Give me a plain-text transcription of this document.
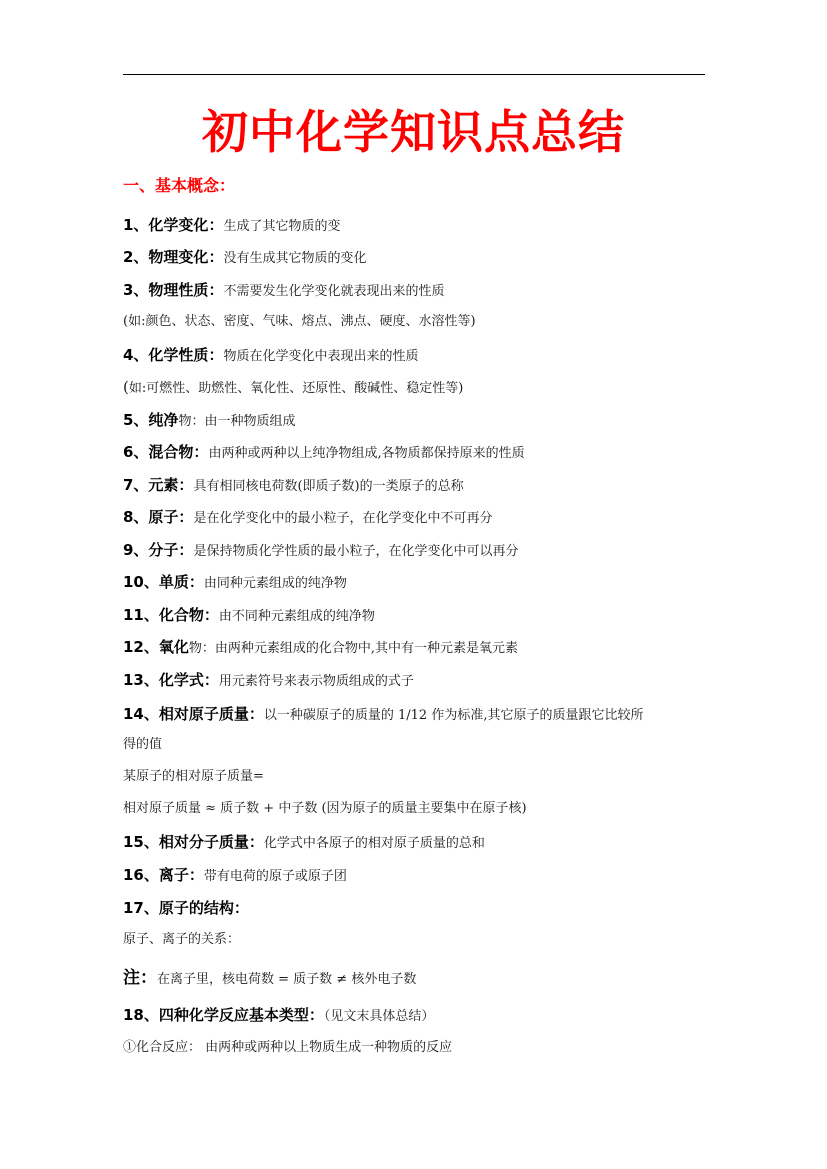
初中化学知识点总结
一、基本概念：
1、化学变化：生成了其它物质的变
2、物理变化：没有生成其它物质的变化
3、物理性质：不需要发生化学变化就表现出来的性质
(如:颜色、状态、密度、气味、熔点、沸点、硬度、水溶性等)
4、化学性质：物质在化学变化中表现出来的性质
(如:可燃性、助燃性、氧化性、还原性、酸碱性、稳定性等)
5、纯净物：由一种物质组成
6、混合物：由两种或两种以上纯净物组成,各物质都保持原来的性质
7、元素：具有相同核电荷数(即质子数)的一类原子的总称
8、原子：是在化学变化中的最小粒子，在化学变化中不可再分
9、分子：是保持物质化学性质的最小粒子，在化学变化中可以再分
10、单质：由同种元素组成的纯净物
11、化合物：由不同种元素组成的纯净物
12、氧化物：由两种元素组成的化合物中,其中有一种元素是氧元素
13、化学式：用元素符号来表示物质组成的式子
14、相对原子质量：以一种碳原子的质量的 1/12 作为标准,其它原子的质量跟它比较所
得的值
某原子的相对原子质量=
相对原子质量 ≈ 质子数 + 中子数 (因为原子的质量主要集中在原子核)
15、相对分子质量：化学式中各原子的相对原子质量的总和
16、离子：带有电荷的原子或原子团
17、原子的结构：
原子、离子的关系：
注：在离子里，核电荷数 = 质子数 ≠ 核外电子数
18、四种化学反应基本类型：（见文末具体总结）
①化合反应： 由两种或两种以上物质生成一种物质的反应
